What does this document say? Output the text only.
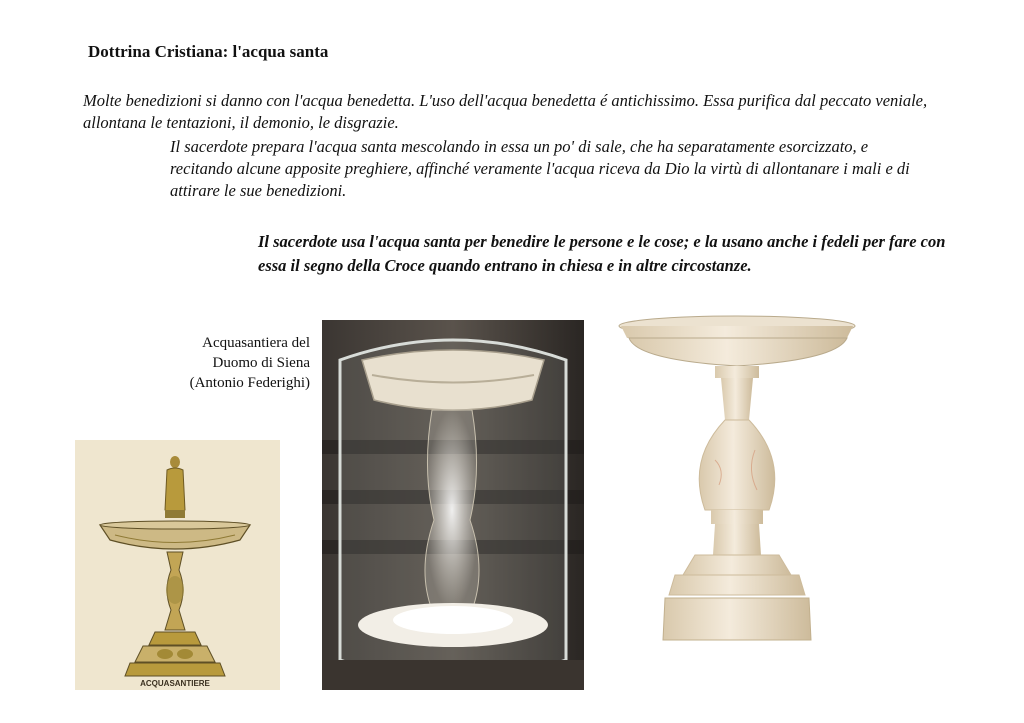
Dottrina Cristiana: l'acqua santa
Molte benedizioni si danno con l'acqua benedetta. L'uso dell'acqua benedetta é antichissimo. Essa purifica dal peccato veniale, allontana le tentazioni, il demonio, le disgrazie.
Il sacerdote prepara l'acqua santa mescolando in essa un po' di sale, che ha separatamente esorcizzato, e recitando alcune apposite preghiere, affinché veramente l'acqua riceva da Dio la virtù di allontanare i mali e di attirare le sue benedizioni.
Il sacerdote usa l'acqua santa per benedire le persone e le cose; e la usano anche i fedeli per fare con essa il segno della Croce quando entrano in chiesa e in altre circostanze.
Acquasantiera del
Duomo di Siena
(Antonio Federighi)
ACQUASANTIERE
